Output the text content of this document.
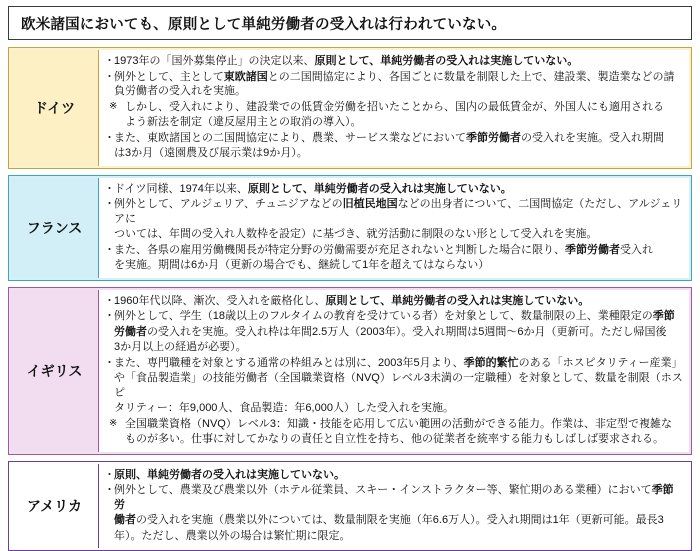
欧米諸国においても、原則として単純労働者の受入れは行われていない。
ドイツ

・ 1973年の「国外募集停止」の決定以来、原則として、単純労働者の受入れは実施していない。

・ 例外として、主として東欧諸国との二国間協定により、各国ごとに数量を制限した上で、建設業、製造業などの請負労働者の受入れを実施。

※ しかし、受入れにより、建設業での低賃金労働を招いたことから、国内の最低賃金が、外国人にも適用される

よう新法を制定（違反屋用主との取消の導入）。

・ また、東欧諸国との二国間協定により、農業、サービス業などにおいて季節労働者の受入れを実施。受入れ期間

は3か月（遠園農及び展示業は9か月）。

フランス

・ ドイツ同様、1974年以来、原則として、単純労働者の受入れは実施していない。

・ 例外として、アルジェリア、チュニジアなどの旧植民地国などの出身者について、二国間協定（ただし、アルジェリアに

ついては、年間の受入れ人数枠を設定）に基づき、就労活動に制限のない形として受入れを実施。

・ また、各県の雇用労働機関長が特定分野の労働需要が充足されないと判断した場合に限り、季節労働者受入れ

を実施。期間は6か月（更新の場合でも、継続して1年を超えてはならない）

イギリス

・ 1960年代以降、漸次、受入れを厳格化し、原則として、単純労働者の受入れは実施していない。

・ 例外として、学生（18歳以上のフルタイムの教育を受けている者）を対象として、数量制限の上、業種限定の季節

労働者の受入れを実施。受入れ枠は年間2.5万人（2003年）。受入れ期間は5週間〜6か月（更新可。ただし帰国後

3か月以上の経過が必要）。

・ また、専門職種を対象とする通常の枠組みとは別に、2003年5月より、季節的繁忙のある「ホスピタリティー産業」

や「食品製造業」の技能労働者（全国職業資格（NVQ）レベル3未満の一定職種）を対象として、数量を制限（ホスピ

タリティー：年9,000人、食品製造：年6,000人）した受入れを実施。

※ 全国職業資格（NVQ）レベル3：知識・技能を応用して広い範囲の活動ができる能力。作業は、非定型で複雑な

ものが多い。仕事に対してかなりの責任と自立性を持ち、他の従業者を統率する能力もしばしば要求される。

アメリカ

・ 原則、単純労働者の受入れは実施していない。

・ 例外として、農業及び農業以外（ホテル従業員、スキー・インストラクター等、繁忙期のある業種）において季節労

働者の受入れを実施（農業以外については、数量制限を実施（年6.6万人）。受入れ期間は1年（更新可能。最長3

年）。ただし、農業以外の場合は繁忙期に限定。
